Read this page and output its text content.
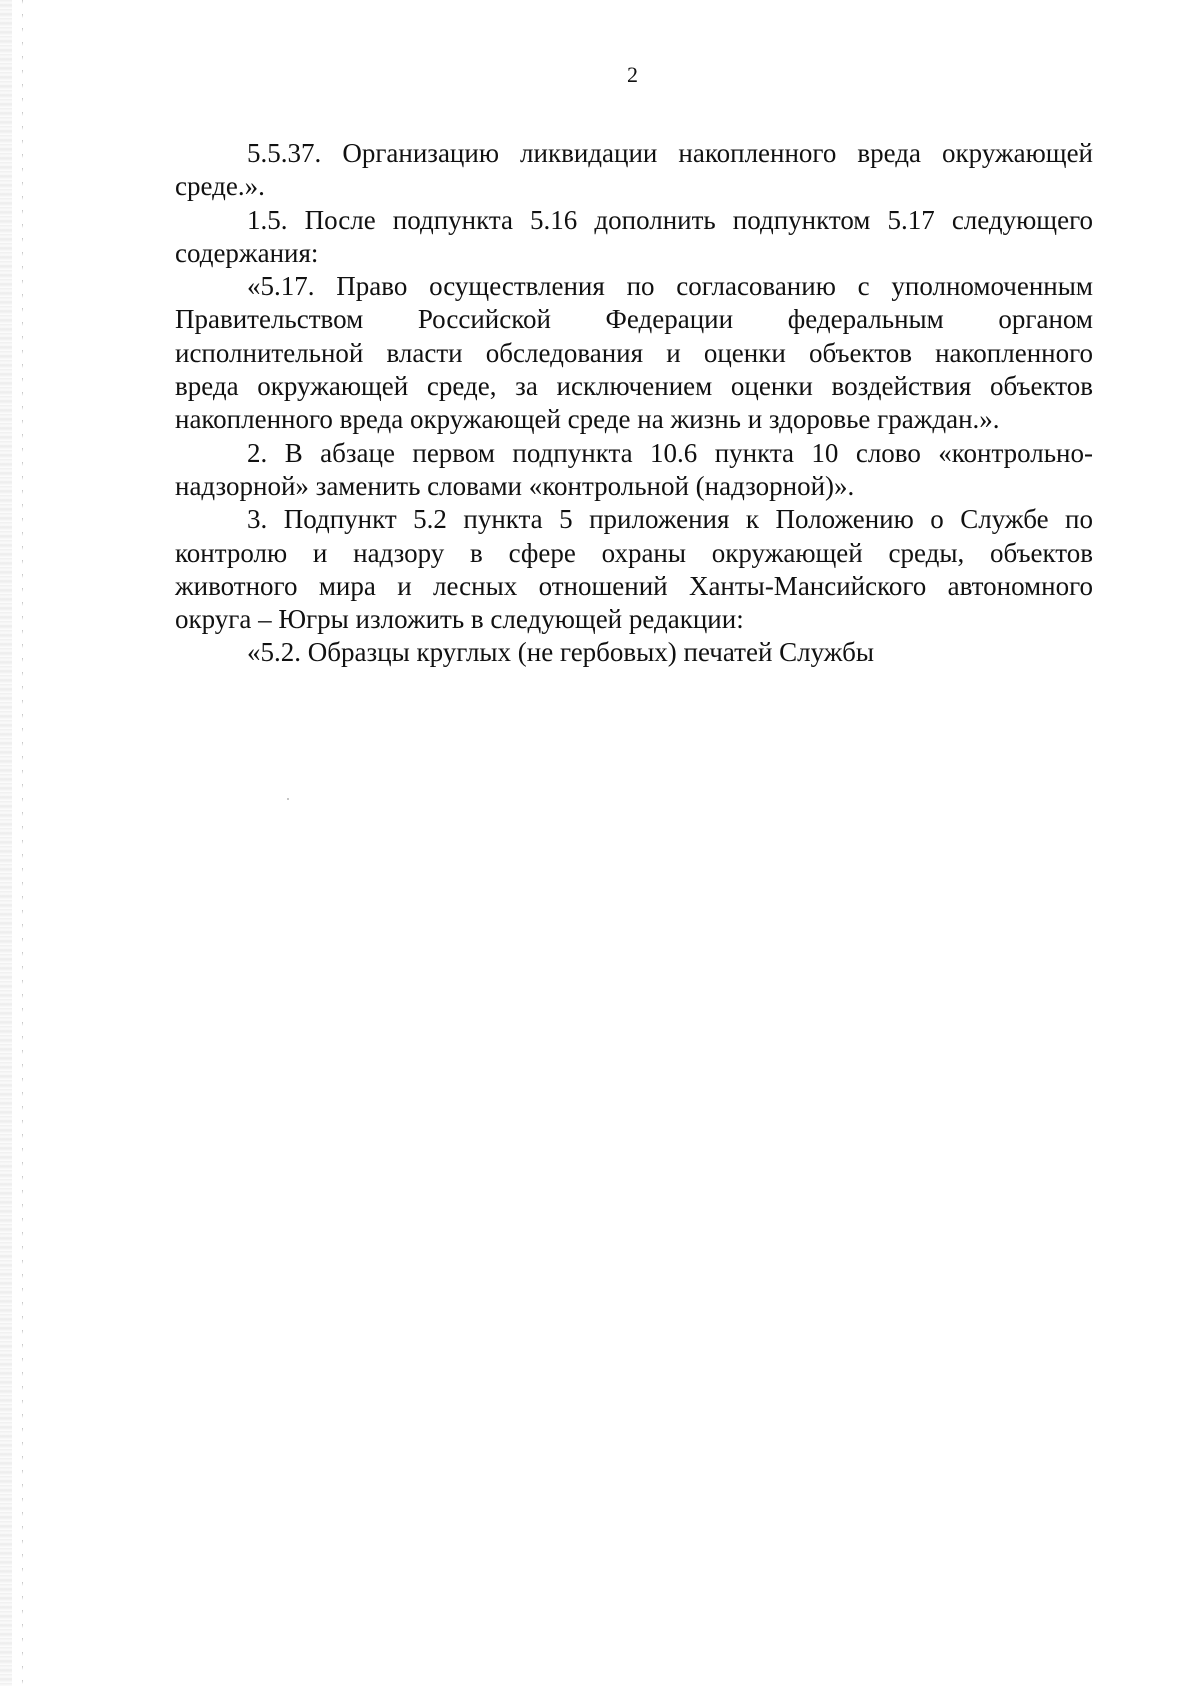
2
5.5.37. Организацию ликвидации накопленного вреда окружающей
среде.».
1.5. После подпункта 5.16 дополнить подпунктом 5.17 следующего
содержания:
«5.17. Право осуществления по согласованию с уполномоченным
Правительством Российской Федерации федеральным органом
исполнительной власти обследования и оценки объектов накопленного
вреда окружающей среде, за исключением оценки воздействия объектов
накопленного вреда окружающей среде на жизнь и здоровье граждан.».
2. В абзаце первом подпункта 10.6 пункта 10 слово «контрольно-
надзорной» заменить словами «контрольной (надзорной)».
3. Подпункт 5.2 пункта 5 приложения к Положению о Службе по
контролю и надзору в сфере охраны окружающей среды, объектов
животного мира и лесных отношений Ханты-Мансийского автономного
округа – Югры изложить в следующей редакции:
«5.2. Образцы круглых (не гербовых) печатей Службы
